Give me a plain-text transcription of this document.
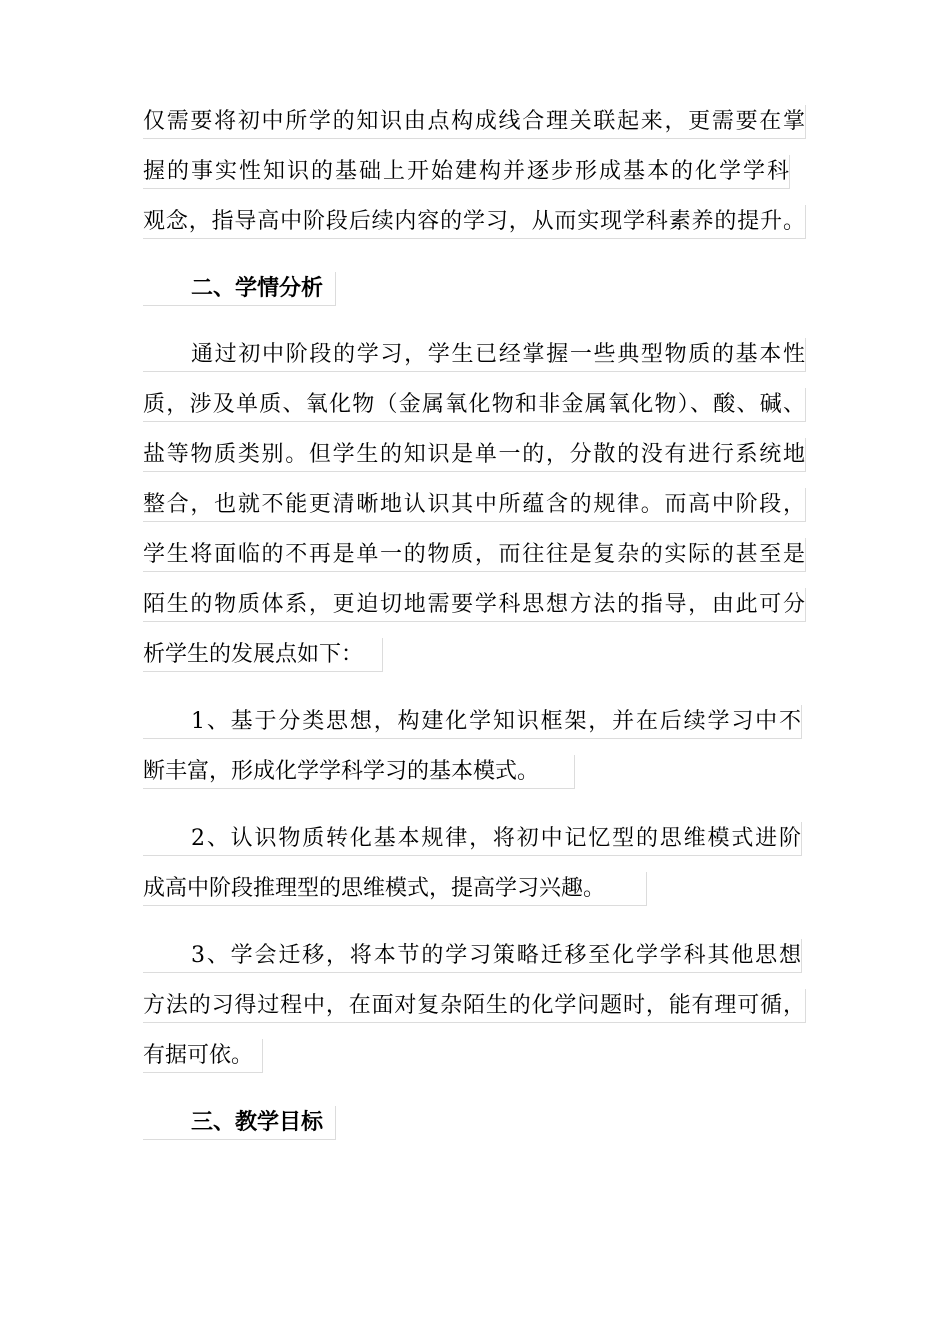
仅需要将初中所学的知识由点构成线合理关联起来，更需要在掌
握的事实性知识的基础上开始建构并逐步形成基本的化学学科
观念，指导高中阶段后续内容的学习，从而实现学科素养的提升。
二、学情分析
通过初中阶段的学习，学生已经掌握一些典型物质的基本性
质，涉及单质、氧化物（金属氧化物和非金属氧化物）、酸、碱、
盐等物质类别。但学生的知识是单一的，分散的没有进行系统地
整合，也就不能更清晰地认识其中所蕴含的规律。而高中阶段，
学生将面临的不再是单一的物质，而往往是复杂的实际的甚至是
陌生的物质体系，更迫切地需要学科思想方法的指导，由此可分
析学生的发展点如下：
1、基于分类思想，构建化学知识框架，并在后续学习中不
断丰富，形成化学学科学习的基本模式。
2、认识物质转化基本规律，将初中记忆型的思维模式进阶
成高中阶段推理型的思维模式，提高学习兴趣。
3、学会迁移，将本节的学习策略迁移至化学学科其他思想
方法的习得过程中，在面对复杂陌生的化学问题时，能有理可循，
有据可依。
三、教学目标
